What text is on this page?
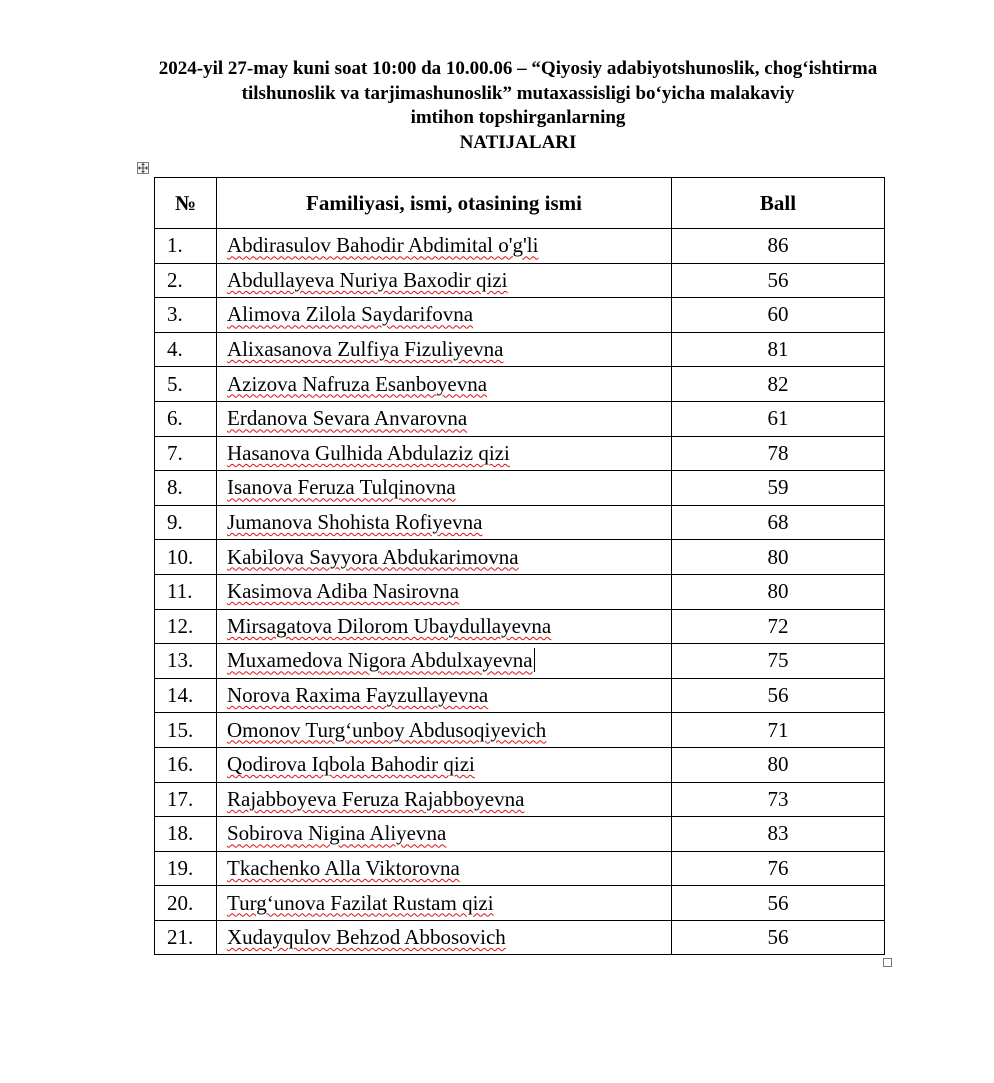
2024-yil 27-may kuni soat 10:00 da 10.00.06 – “Qiyosiy adabiyotshunoslik, chog‘ishtirma
tilshunoslik va tarjimashunoslik” mutaxassisligi bo‘yicha malakaviy
imtihon topshirganlarning
NATIJALARI
№	Familiyasi, ismi, otasining ismi	Ball
1.	Abdirasulov Bahodir Abdimital o'g'li	86
2.	Abdullayeva Nuriya Baxodir qizi	56
3.	Alimova Zilola Saydarifovna	60
4.	Alixasanova Zulfiya Fizuliyevna	81
5.	Azizova Nafruza Esanboyevna	82
6.	Erdanova Sevara Anvarovna	61
7.	Hasanova Gulhida Abdulaziz qizi	78
8.	Isanova Feruza Tulqinovna	59
9.	Jumanova Shohista Rofiyevna	68
10.	Kabilova Sayyora Abdukarimovna	80
11.	Kasimova Adiba Nasirovna	80
12.	Mirsagatova Dilorom Ubaydullayevna	72
13.	Muxamedova Nigora Abdulxayevna	75
14.	Norova Raxima Fayzullayevna	56
15.	Omonov Turg‘unboy Abdusoqiyevich	71
16.	Qodirova Iqbola Bahodir qizi	80
17.	Rajabboyeva Feruza Rajabboyevna	73
18.	Sobirova Nigina Aliyevna	83
19.	Tkachenko Alla Viktorovna	76
20.	Turg‘unova Fazilat Rustam qizi	56
21.	Xudayqulov Behzod Abbosovich	56
